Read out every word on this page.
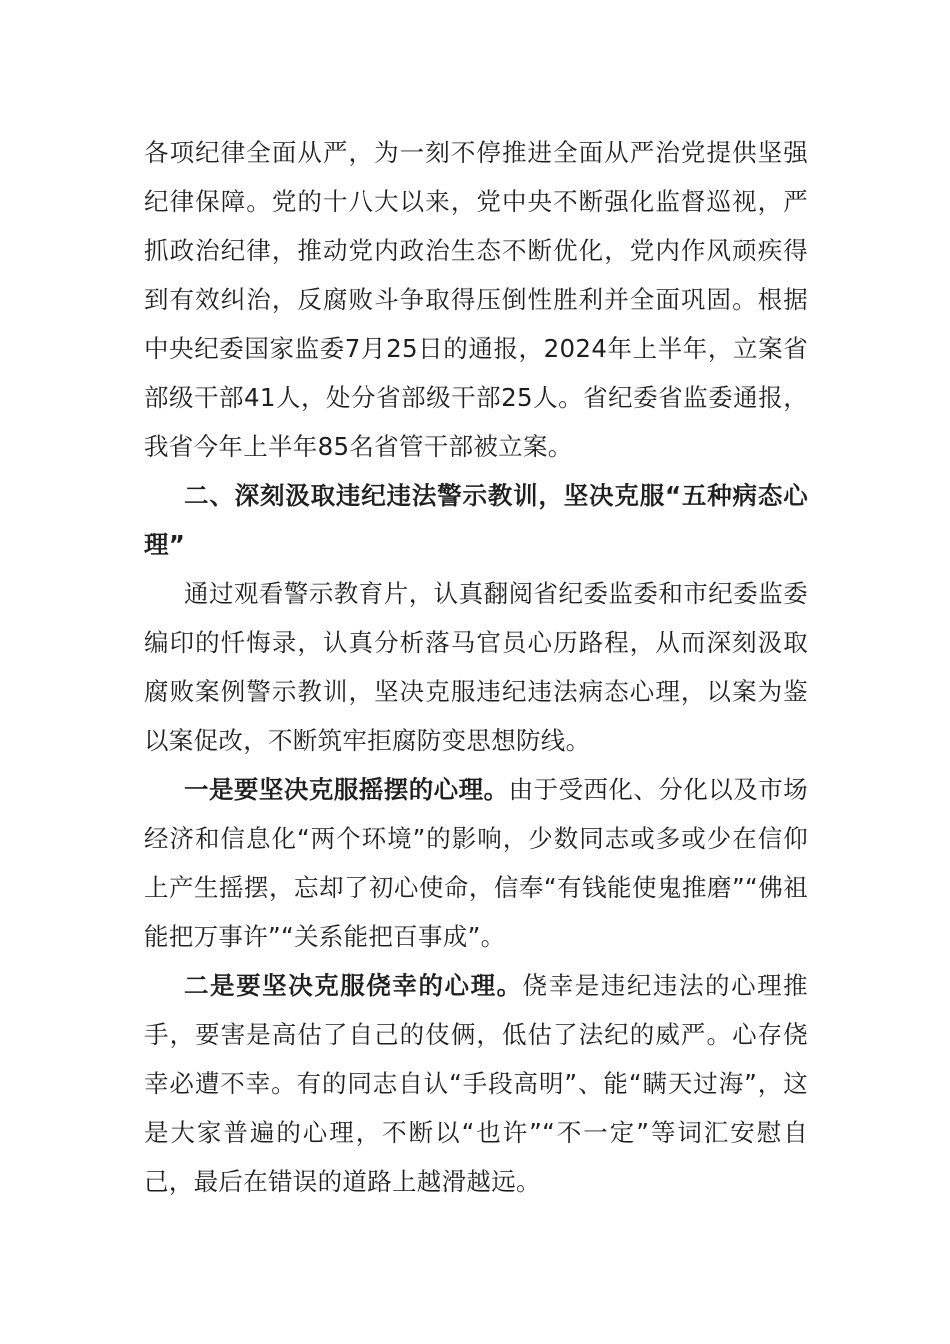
各项纪律全面从严，为一刻不停推进全面从严治党提供坚强纪律保障。党的十八大以来，党中央不断强化监督巡视，严抓政治纪律，推动党内政治生态不断优化，党内作风顽疾得到有效纠治，反腐败斗争取得压倒性胜利并全面巩固。根据中央纪委国家监委7月25日的通报，2024年上半年，立案省部级干部41人，处分省部级干部25人。省纪委省监委通报，我省今年上半年85名省管干部被立案。

二、深刻汲取违纪违法警示教训，坚决克服“五种病态心理”

通过观看警示教育片，认真翻阅省纪委监委和市纪委监委编印的忏悔录，认真分析落马官员心历路程，从而深刻汲取腐败案例警示教训，坚决克服违纪违法病态心理，以案为鉴以案促改，不断筑牢拒腐防变思想防线。

一是要坚决克服摇摆的心理。由于受西化、分化以及市场经济和信息化“两个环境”的影响，少数同志或多或少在信仰上产生摇摆，忘却了初心使命，信奉“有钱能使鬼推磨”“佛祖能把万事许”“关系能把百事成”。

二是要坚决克服侥幸的心理。侥幸是违纪违法的心理推手，要害是高估了自己的伎俩，低估了法纪的威严。心存侥幸必遭不幸。有的同志自认“手段高明”、能“瞒天过海”，这是大家普遍的心理，不断以“也许”“不一定”等词汇安慰自己，最后在错误的道路上越滑越远。
